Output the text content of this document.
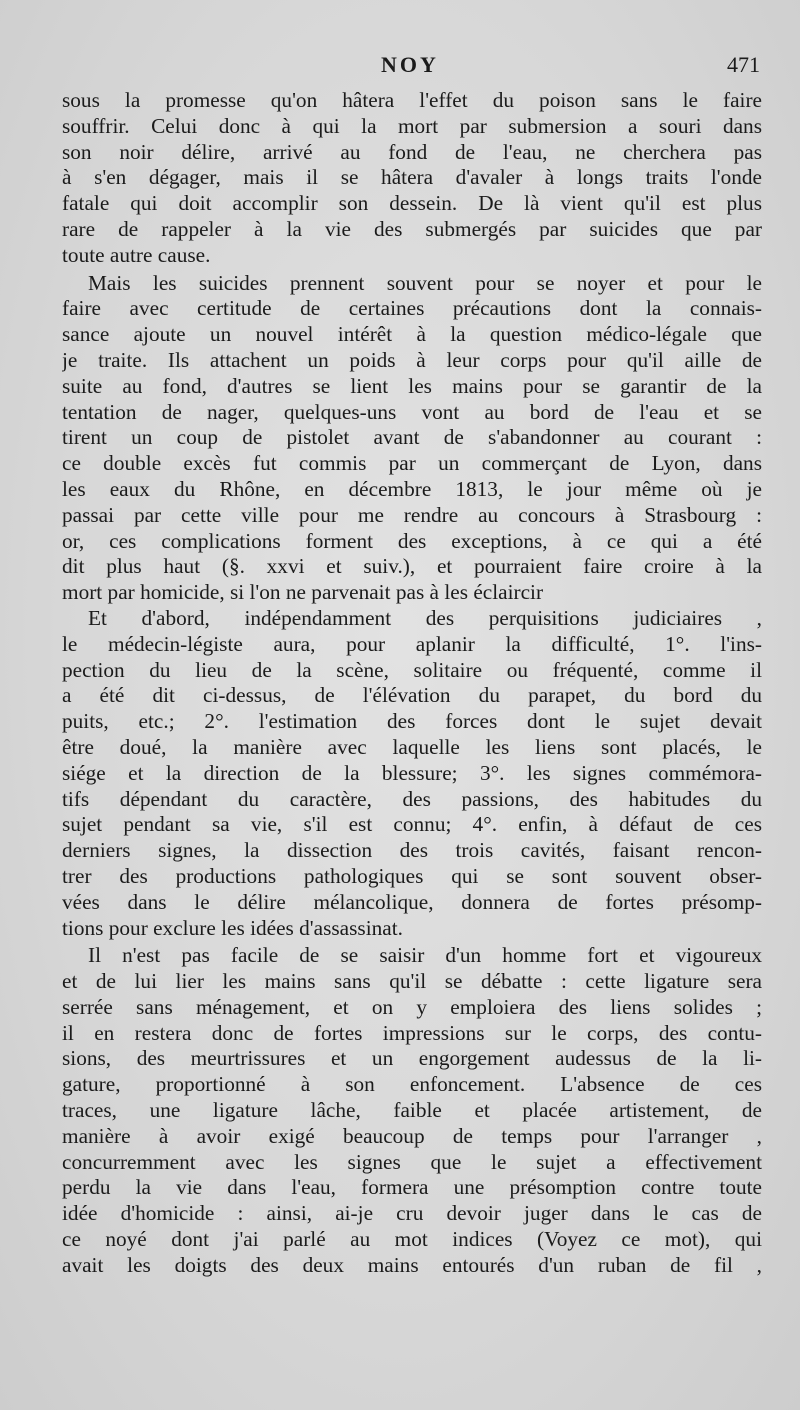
NOY	471
sous la promesse qu'on hâtera l'effet du poison sans le faire
souffrir. Celui donc à qui la mort par submersion a souri dans
son noir délire, arrivé au fond de l'eau, ne cherchera pas
à s'en dégager, mais il se hâtera d'avaler à longs traits l'onde
fatale qui doit accomplir son dessein. De là vient qu'il est plus
rare de rappeler à la vie des submergés par suicides que par
toute autre cause.
Mais les suicides prennent souvent pour se noyer et pour le
faire avec certitude de certaines précautions dont la connais-
sance ajoute un nouvel intérêt à la question médico-légale que
je traite. Ils attachent un poids à leur corps pour qu'il aille de
suite au fond, d'autres se lient les mains pour se garantir de la
tentation de nager, quelques-uns vont au bord de l'eau et se
tirent un coup de pistolet avant de s'abandonner au courant :
ce double excès fut commis par un commerçant de Lyon, dans
les eaux du Rhône, en décembre 1813, le jour même où je
passai par cette ville pour me rendre au concours à Strasbourg :
or, ces complications forment des exceptions, à ce qui a été
dit plus haut (§. xxvi et suiv.), et pourraient faire croire à la
mort par homicide, si l'on ne parvenait pas à les éclaircir
Et d'abord, indépendamment des perquisitions judiciaires ,
le médecin-légiste aura, pour aplanir la difficulté, 1°. l'ins-
pection du lieu de la scène, solitaire ou fréquenté, comme il
a été dit ci-dessus, de l'élévation du parapet, du bord du
puits, etc.; 2°. l'estimation des forces dont le sujet devait
être doué, la manière avec laquelle les liens sont placés, le
siége et la direction de la blessure; 3°. les signes commémora-
tifs dépendant du caractère, des passions, des habitudes du
sujet pendant sa vie, s'il est connu; 4°. enfin, à défaut de ces
derniers signes, la dissection des trois cavités, faisant rencon-
trer des productions pathologiques qui se sont souvent obser-
vées dans le délire mélancolique, donnera de fortes présomp-
tions pour exclure les idées d'assassinat.
Il n'est pas facile de se saisir d'un homme fort et vigoureux
et de lui lier les mains sans qu'il se débatte : cette ligature sera
serrée sans ménagement, et on y emploiera des liens solides ;
il en restera donc de fortes impressions sur le corps, des contu-
sions, des meurtrissures et un engorgement audessus de la li-
gature, proportionné à son enfoncement. L'absence de ces
traces, une ligature lâche, faible et placée artistement, de
manière à avoir exigé beaucoup de temps pour l'arranger ,
concurremment avec les signes que le sujet a effectivement
perdu la vie dans l'eau, formera une présomption contre toute
idée d'homicide : ainsi, ai-je cru devoir juger dans le cas de
ce noyé dont j'ai parlé au mot indices (Voyez ce mot), qui
avait les doigts des deux mains entourés d'un ruban de fil ,
